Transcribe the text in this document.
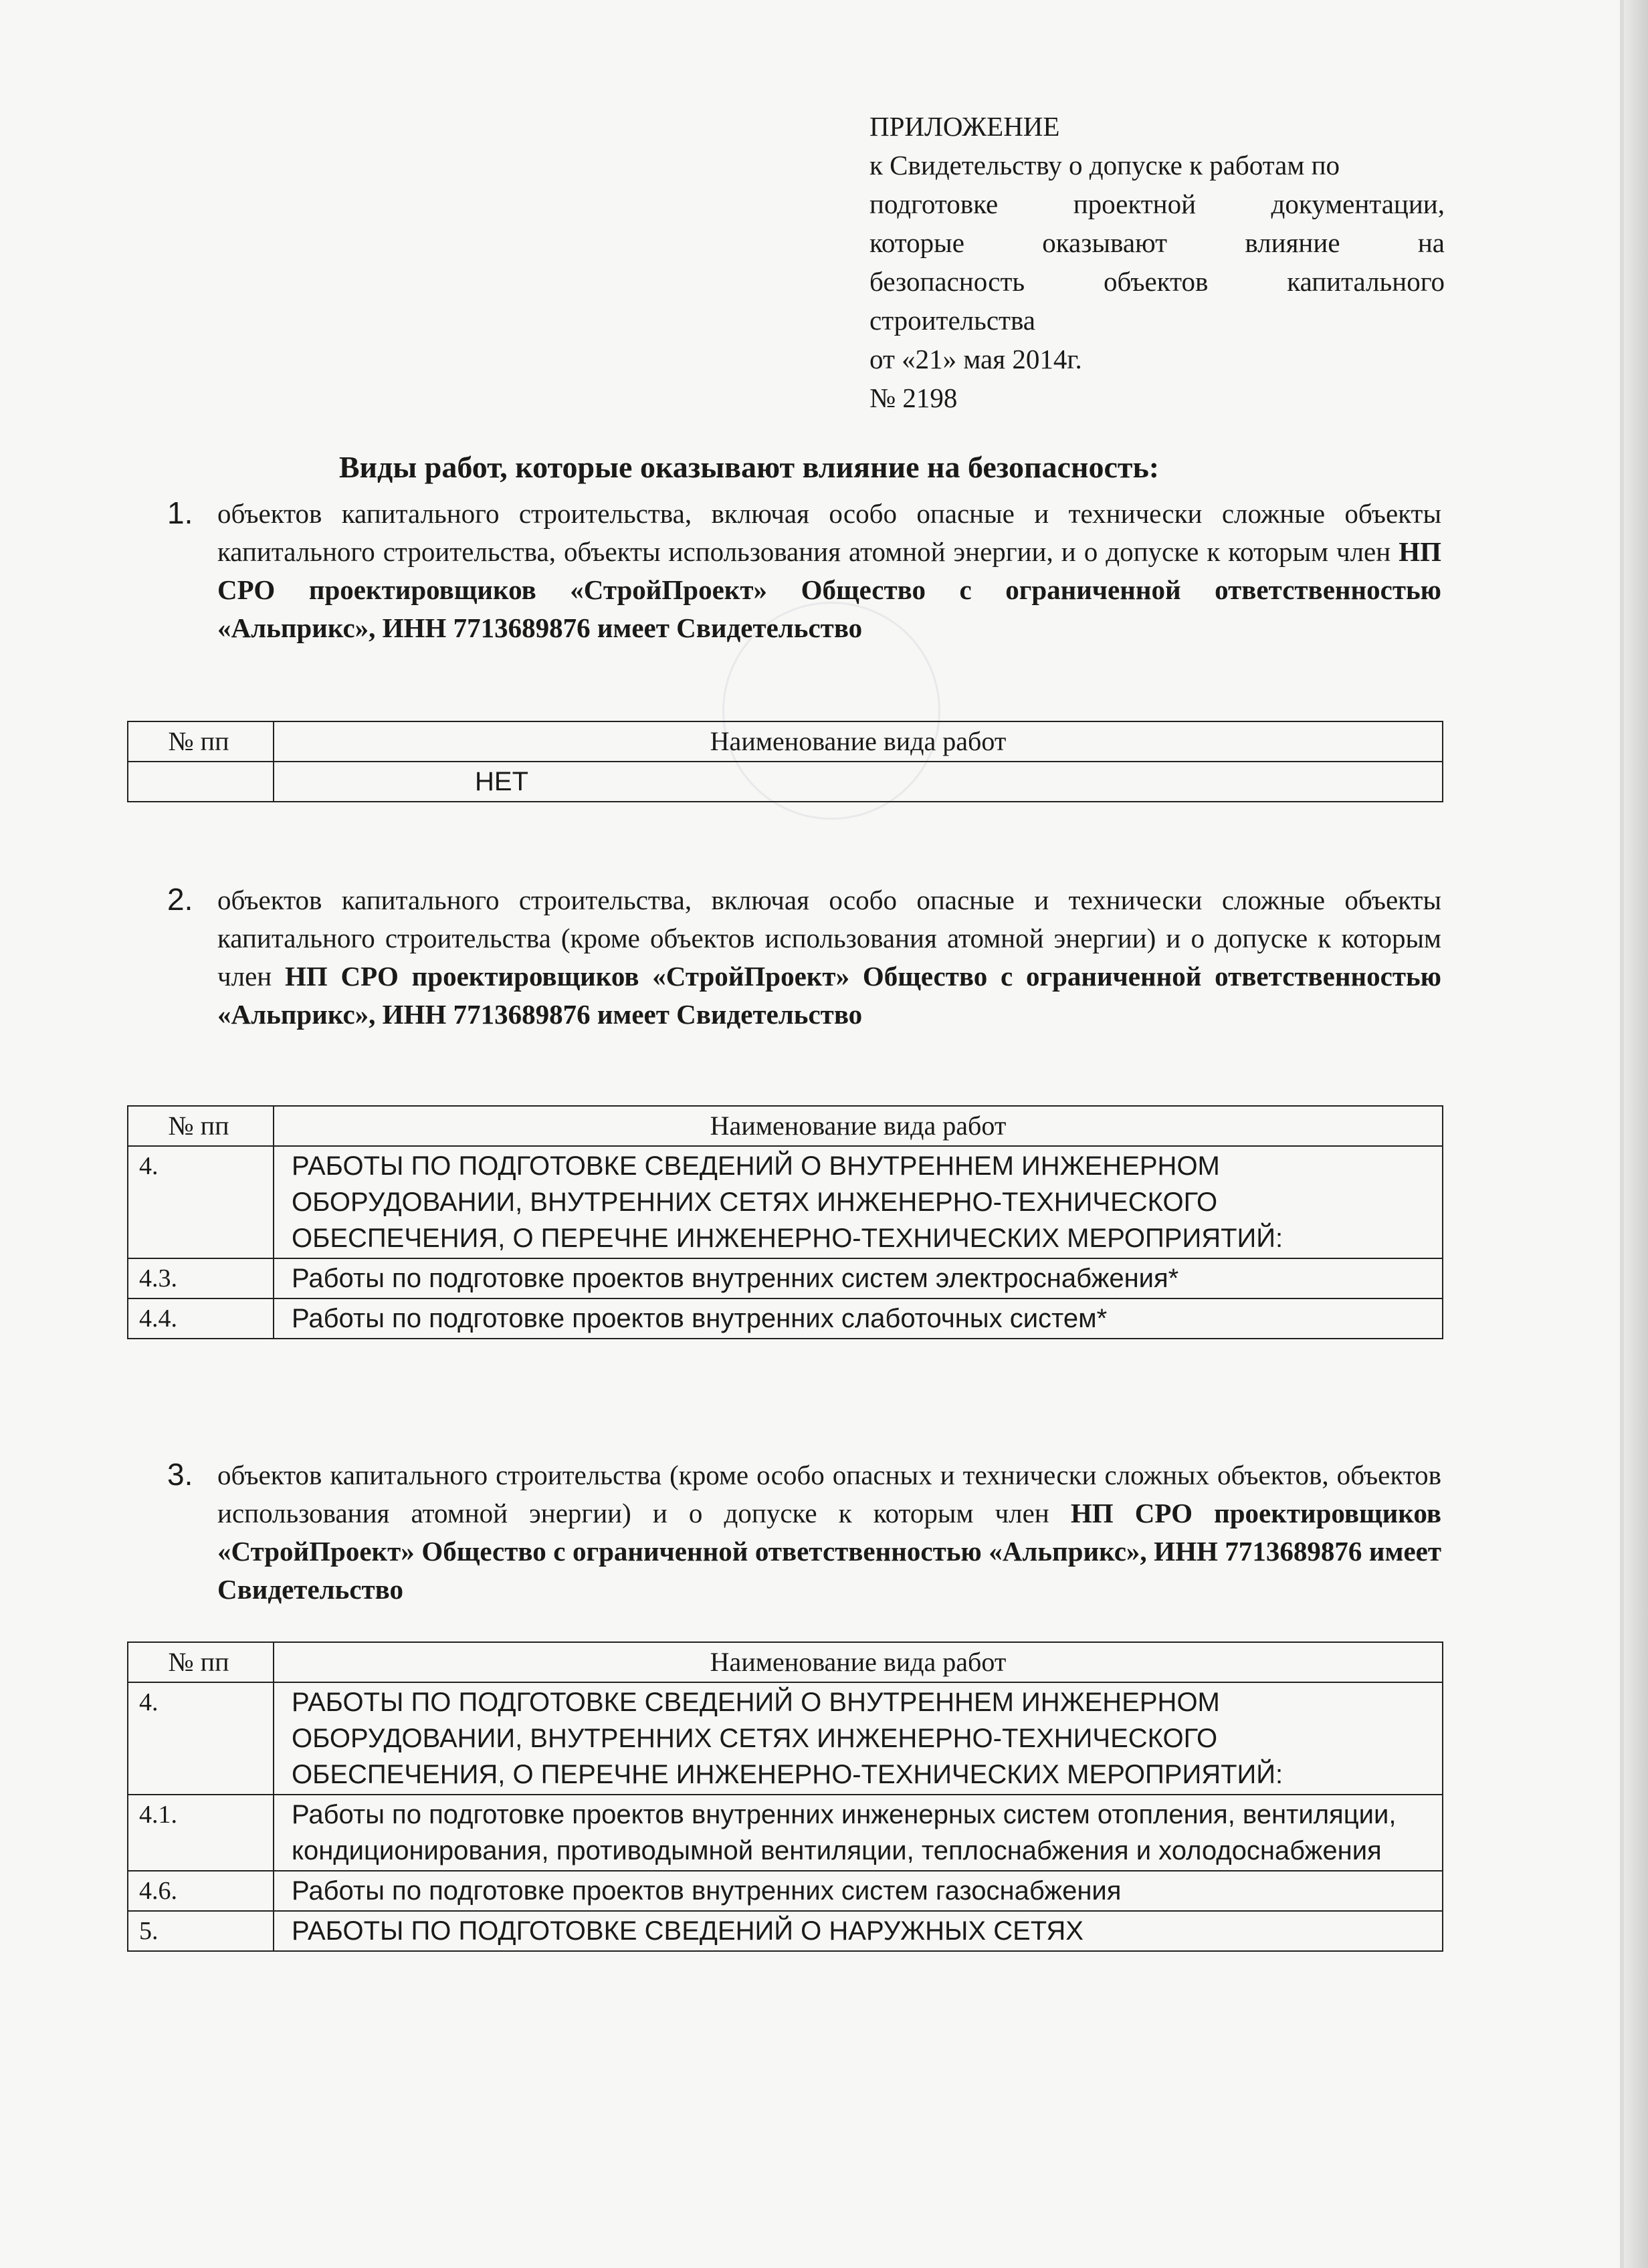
ПРИЛОЖЕНИЕ
к Свидетельству о допуске к работам по
подготовке проектной документации,
которые оказывают влияние на
безопасность объектов капитального
строительства
от «21» мая 2014г.
№ 2198
Виды работ, которые оказывают влияние на безопасность:
1. объектов капитального строительства, включая особо опасные и технически сложные объекты капитального строительства, объекты использования атомной энергии, и о допуске к которым член НП СРО проектировщиков «СтройПроект» Общество с ограниченной ответственностью «Альприкс», ИНН 7713689876 имеет Свидетельство
№ пп	Наименование вида работ
	НЕТ
2. объектов капитального строительства, включая особо опасные и технически сложные объекты капитального строительства (кроме объектов использования атомной энергии) и о допуске к которым член НП СРО проектировщиков «СтройПроект» Общество с ограниченной ответственностью «Альприкс», ИНН 7713689876 имеет Свидетельство
№ пп	Наименование вида работ
4.	РАБОТЫ ПО ПОДГОТОВКЕ СВЕДЕНИЙ О ВНУТРЕННЕМ ИНЖЕНЕРНОМ ОБОРУДОВАНИИ, ВНУТРЕННИХ СЕТЯХ ИНЖЕНЕРНО-ТЕХНИЧЕСКОГО ОБЕСПЕЧЕНИЯ, О ПЕРЕЧНЕ ИНЖЕНЕРНО-ТЕХНИЧЕСКИХ МЕРОПРИЯТИЙ:
4.3.	Работы по подготовке проектов внутренних систем электроснабжения*
4.4.	Работы по подготовке проектов внутренних слаботочных систем*
3. объектов капитального строительства (кроме особо опасных и технически сложных объектов, объектов использования атомной энергии) и о допуске к которым член НП СРО проектировщиков «СтройПроект» Общество с ограниченной ответственностью «Альприкс», ИНН 7713689876 имеет Свидетельство
№ пп	Наименование вида работ
4.	РАБОТЫ ПО ПОДГОТОВКЕ СВЕДЕНИЙ О ВНУТРЕННЕМ ИНЖЕНЕРНОМ ОБОРУДОВАНИИ, ВНУТРЕННИХ СЕТЯХ ИНЖЕНЕРНО-ТЕХНИЧЕСКОГО ОБЕСПЕЧЕНИЯ, О ПЕРЕЧНЕ ИНЖЕНЕРНО-ТЕХНИЧЕСКИХ МЕРОПРИЯТИЙ:
4.1.	Работы по подготовке проектов внутренних инженерных систем отопления, вентиляции, кондиционирования, противодымной вентиляции, теплоснабжения и холодоснабжения
4.6.	Работы по подготовке проектов внутренних систем газоснабжения
5.	РАБОТЫ ПО ПОДГОТОВКЕ СВЕДЕНИЙ О НАРУЖНЫХ СЕТЯХ
